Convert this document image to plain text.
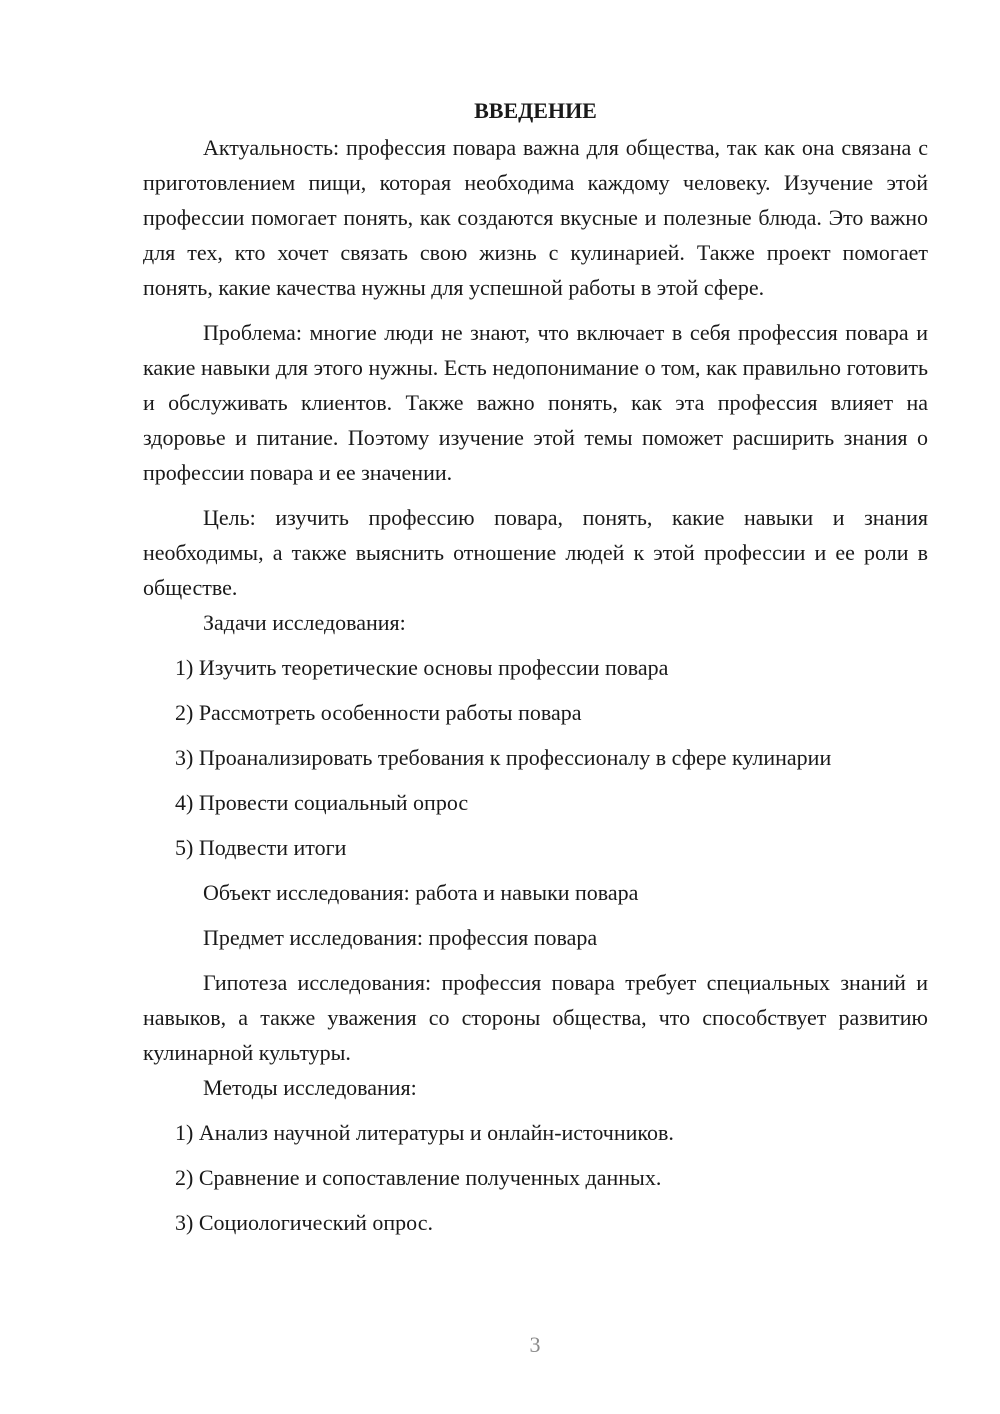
ВВЕДЕНИЕ

Актуальность: профессия повара важна для общества, так как она связана с приготовлением пищи, которая необходима каждому человеку. Изучение этой профессии помогает понять, как создаются вкусные и полезные блюда. Это важно для тех, кто хочет связать свою жизнь с кулинарией. Также проект помогает понять, какие качества нужны для успешной работы в этой сфере.

Проблема: многие люди не знают, что включает в себя профессия повара и какие навыки для этого нужны. Есть недопонимание о том, как правильно готовить и обслуживать клиентов. Также важно понять, как эта профессия влияет на здоровье и питание. Поэтому изучение этой темы поможет расширить знания о профессии повара и ее значении.

Цель: изучить профессию повара, понять, какие навыки и знания необходимы, а также выяснить отношение людей к этой профессии и ее роли в обществе.

Задачи исследования:

1) Изучить теоретические основы профессии повара

2) Рассмотреть особенности работы повара

3) Проанализировать требования к профессионалу в сфере кулинарии

4) Провести социальный опрос

5) Подвести итоги

Объект исследования: работа и навыки повара

Предмет исследования: профессия повара

Гипотеза исследования: профессия повара требует специальных знаний и навыков, а также уважения со стороны общества, что способствует развитию кулинарной культуры.

Методы исследования:

1) Анализ научной литературы и онлайн-источников.

2) Сравнение и сопоставление полученных данных.

3) Социологический опрос.

3
